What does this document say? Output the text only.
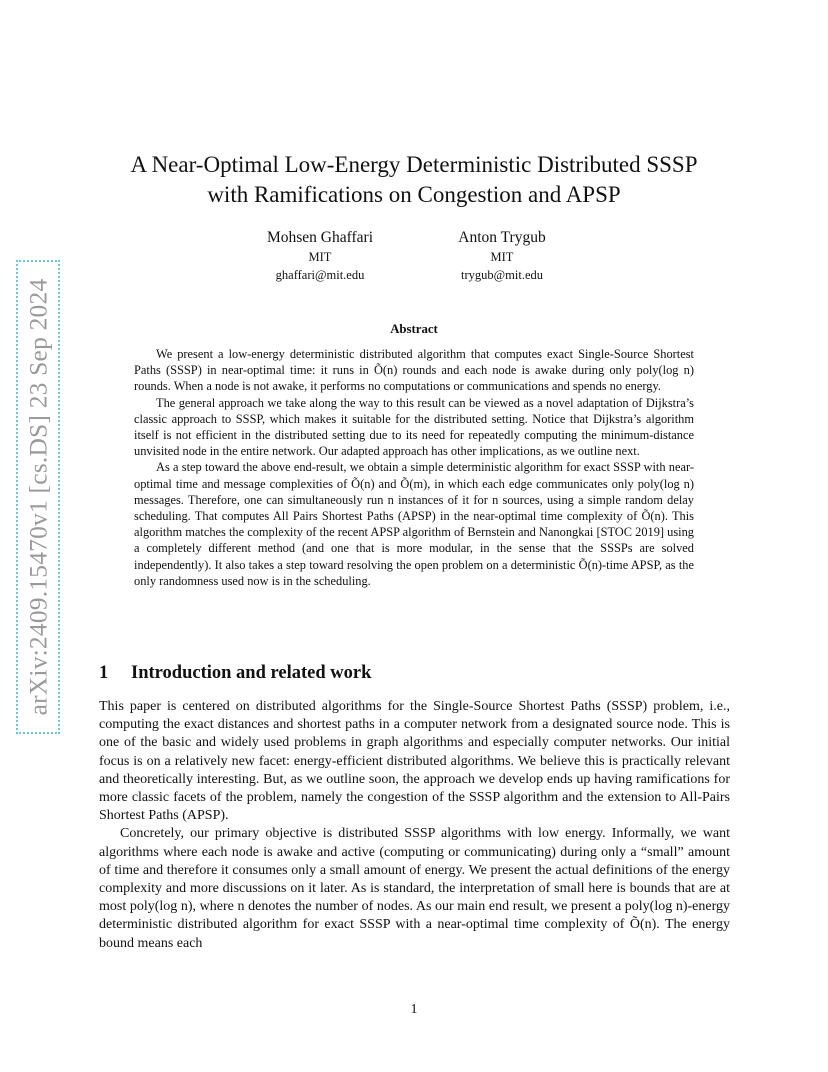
arXiv:2409.15470v1 [cs.DS] 23 Sep 2024
A Near-Optimal Low-Energy Deterministic Distributed SSSP
with Ramifications on Congestion and APSP
Mohsen Ghaffari
MIT
ghaffari@mit.edu
Anton Trygub
MIT
trygub@mit.edu
Abstract

We present a low-energy deterministic distributed algorithm that computes exact Single-Source Shortest Paths (SSSP) in near-optimal time: it runs in Õ(n) rounds and each node is awake during only poly(log n) rounds. When a node is not awake, it performs no computations or communications and spends no energy.

The general approach we take along the way to this result can be viewed as a novel adaptation of Dijkstra’s classic approach to SSSP, which makes it suitable for the distributed setting. Notice that Dijkstra’s algorithm itself is not efficient in the distributed setting due to its need for repeatedly computing the minimum-distance unvisited node in the entire network. Our adapted approach has other implications, as we outline next.

As a step toward the above end-result, we obtain a simple deterministic algorithm for exact SSSP with near-optimal time and message complexities of Õ(n) and Õ(m), in which each edge communicates only poly(log n) messages. Therefore, one can simultaneously run n instances of it for n sources, using a simple random delay scheduling. That computes All Pairs Shortest Paths (APSP) in the near-optimal time complexity of Õ(n). This algorithm matches the complexity of the recent APSP algorithm of Bernstein and Nanongkai [STOC 2019] using a completely different method (and one that is more modular, in the sense that the SSSPs are solved independently). It also takes a step toward resolving the open problem on a deterministic Õ(n)-time APSP, as the only randomness used now is in the scheduling.

1 Introduction and related work

This paper is centered on distributed algorithms for the Single-Source Shortest Paths (SSSP) problem, i.e., computing the exact distances and shortest paths in a computer network from a designated source node. This is one of the basic and widely used problems in graph algorithms and especially computer networks. Our initial focus is on a relatively new facet: energy-efficient distributed algorithms. We believe this is practically relevant and theoretically interesting. But, as we outline soon, the approach we develop ends up having ramifications for more classic facets of the problem, namely the congestion of the SSSP algorithm and the extension to All-Pairs Shortest Paths (APSP).

Concretely, our primary objective is distributed SSSP algorithms with low energy. Informally, we want algorithms where each node is awake and active (computing or communicating) during only a “small” amount of time and therefore it consumes only a small amount of energy. We present the actual definitions of the energy complexity and more discussions on it later. As is standard, the interpretation of small here is bounds that are at most poly(log n), where n denotes the number of nodes. As our main end result, we present a poly(log n)-energy deterministic distributed algorithm for exact SSSP with a near-optimal time complexity of Õ(n). The energy bound means each

1
